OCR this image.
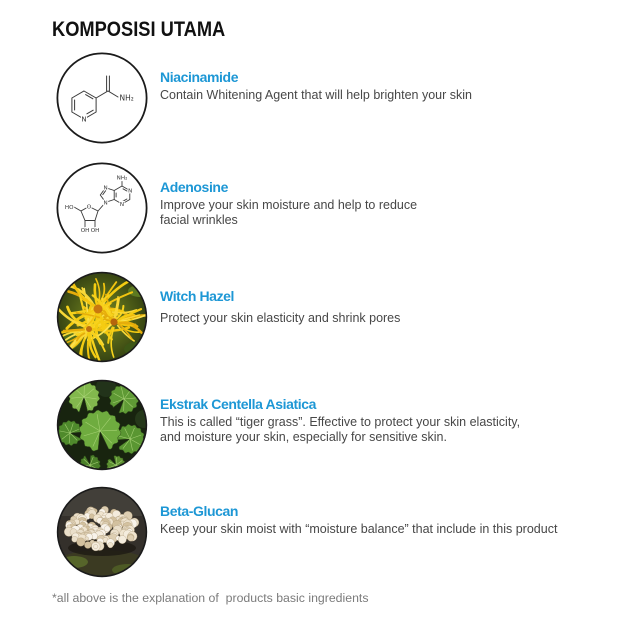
KOMPOSISI UTAMA
NH₂
N
Niacinamide
Contain Whitening Agent that will help brighten your skin
NH₂
N
N
N
N
O
HO
OH OH
Adenosine
Improve your skin moisture and help to reduce
facial wrinkles
Witch Hazel
Protect your skin elasticity and shrink pores
Ekstrak Centella Asiatica
This is called “tiger grass”. Effective to protect your skin elasticity,
and moisture your skin, especially for sensitive skin.
Beta-Glucan
Keep your skin moist with “moisture balance” that include in this product
*all above is the explanation of  products basic ingredients
